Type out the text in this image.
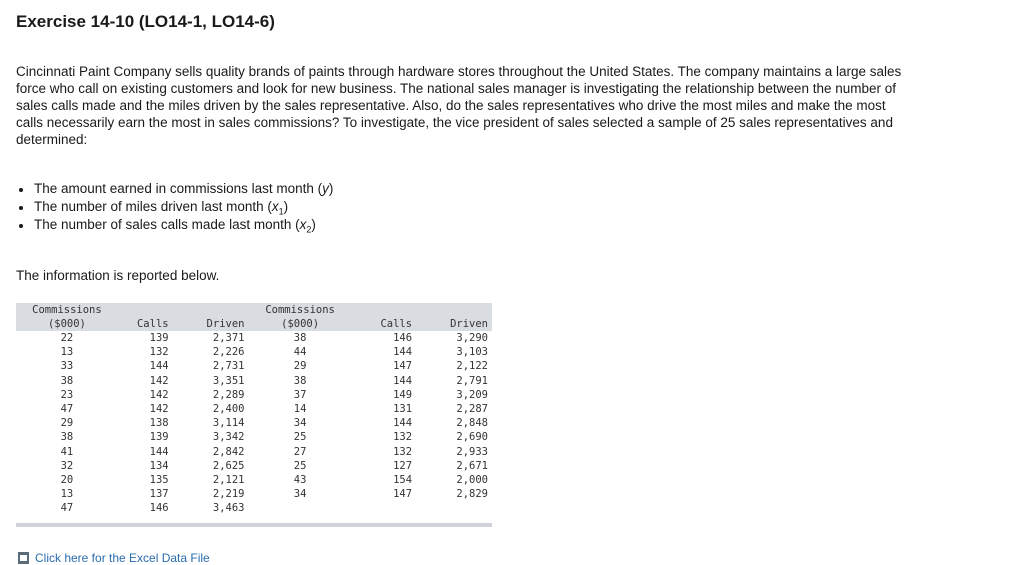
Exercise 14-10 (LO14-1, LO14-6)

Cincinnati Paint Company sells quality brands of paints through hardware stores throughout the United States. The company maintains a large sales force who call on existing customers and look for new business. The national sales manager is investigating the relationship between the number of sales calls made and the miles driven by the sales representative. Also, do the sales representatives who drive the most miles and make the most calls necessarily earn the most in sales commissions? To investigate, the vice president of sales selected a sample of 25 sales representatives and determined:

The amount earned in commissions last month (y)
The number of miles driven last month $(x_1)$
The number of sales calls made last month $(x_2)$

The information is reported below.

Commissions			Commissions		
($000)	Calls	Driven	($000)	Calls	Driven
22	139	2,371	38	146	3,290
13	132	2,226	44	144	3,103
33	144	2,731	29	147	2,122
38	142	3,351	38	144	2,791
23	142	2,289	37	149	3,209
47	142	2,400	14	131	2,287
29	138	3,114	34	144	2,848
38	139	3,342	25	132	2,690
41	144	2,842	27	132	2,933
32	134	2,625	25	127	2,671
20	135	2,121	43	154	2,000
13	137	2,219	34	147	2,829
47	146	3,463			
Click here for the Excel Data File
